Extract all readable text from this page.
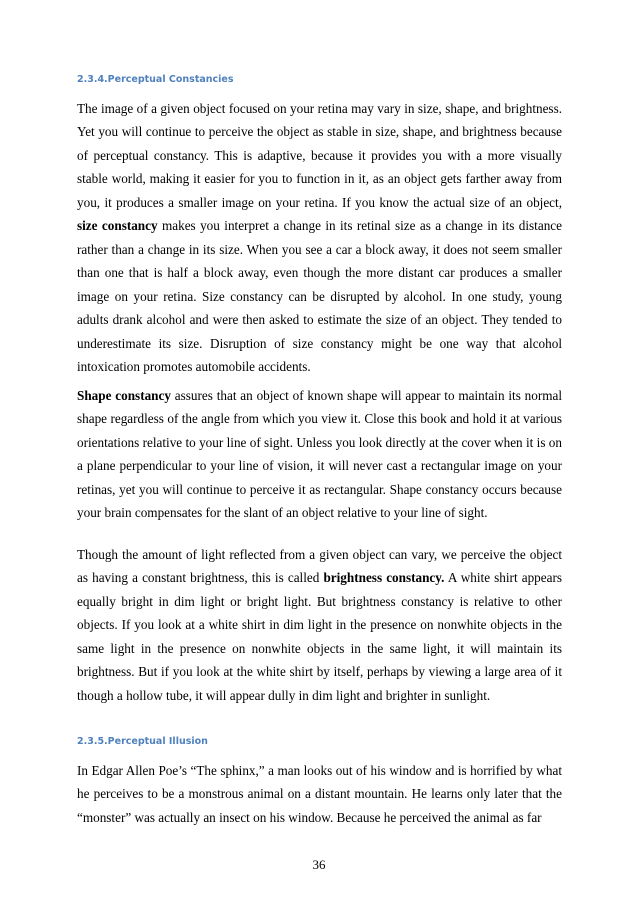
2.3.4.Perceptual Constancies

The image of a given object focused on your retina may vary in size, shape, and brightness. Yet you will continue to perceive the object as stable in size, shape, and brightness because of perceptual constancy. This is adaptive, because it provides you with a more visually stable world, making it easier for you to function in it, as an object gets farther away from you, it produces a smaller image on your retina. If you know the actual size of an object, size constancy makes you interpret a change in its retinal size as a change in its distance rather than a change in its size. When you see a car a block away, it does not seem smaller than one that is half a block away, even though the more distant car produces a smaller image on your retina. Size constancy can be disrupted by alcohol. In one study, young adults drank alcohol and were then asked to estimate the size of an object. They tended to underestimate its size. Disruption of size constancy might be one way that alcohol intoxication promotes automobile accidents.

Shape constancy assures that an object of known shape will appear to maintain its normal shape regardless of the angle from which you view it. Close this book and hold it at various orientations relative to your line of sight. Unless you look directly at the cover when it is on a plane perpendicular to your line of vision, it will never cast a rectangular image on your retinas, yet you will continue to perceive it as rectangular. Shape constancy occurs because your brain compensates for the slant of an object relative to your line of sight.

Though the amount of light reflected from a given object can vary, we perceive the object as having a constant brightness, this is called brightness constancy. A white shirt appears equally bright in dim light or bright light. But brightness constancy is relative to other objects. If you look at a white shirt in dim light in the presence on nonwhite objects in the same light in the presence on nonwhite objects in the same light, it will maintain its brightness. But if you look at the white shirt by itself, perhaps by viewing a large area of it though a hollow tube, it will appear dully in dim light and brighter in sunlight.

2.3.5.Perceptual Illusion

In Edgar Allen Poe’s “The sphinx,” a man looks out of his window and is horrified by what he perceives to be a monstrous animal on a distant mountain. He learns only later that the “monster” was actually an insect on his window. Because he perceived the animal as far

36
